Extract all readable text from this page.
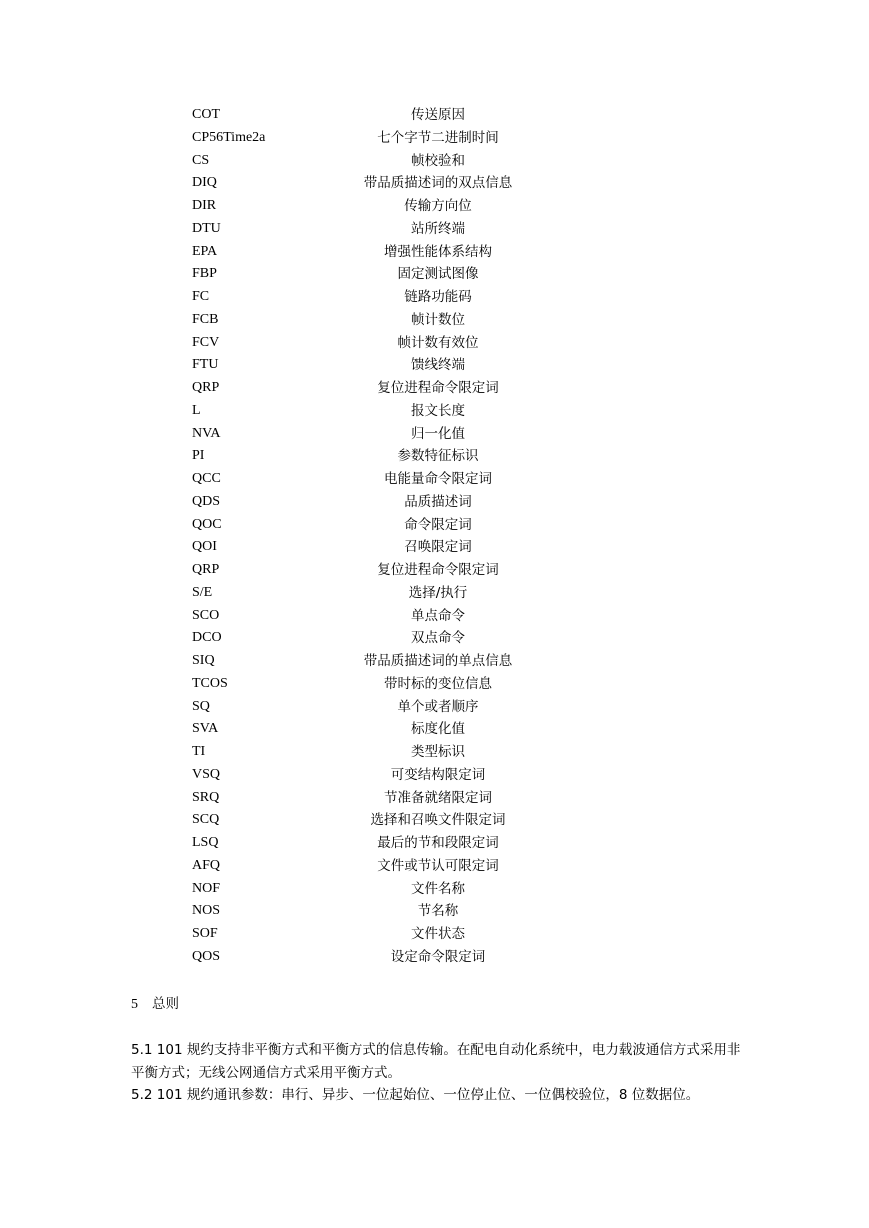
COT	传送原因
CP56Time2a	七个字节二进制时间
CS	帧校验和
DIQ	带品质描述词的双点信息
DIR	传输方向位
DTU	站所终端
EPA	增强性能体系结构
FBP	固定测试图像
FC	链路功能码
FCB	帧计数位
FCV	帧计数有效位
FTU	馈线终端
QRP	复位进程命令限定词
L	报文长度
NVA	归一化值
PI	参数特征标识
QCC	电能量命令限定词
QDS	品质描述词
QOC	命令限定词
QOI	召唤限定词
QRP	复位进程命令限定词
S/E	选择/执行
SCO	单点命令
DCO	双点命令
SIQ	带品质描述词的单点信息
TCOS	带时标的变位信息
SQ	单个或者顺序
SVA	标度化值
TI	类型标识
VSQ	可变结构限定词
SRQ	节准备就绪限定词
SCQ	选择和召唤文件限定词
LSQ	最后的节和段限定词
AFQ	文件或节认可限定词
NOF	文件名称
NOS	节名称
SOF	文件状态
QOS	设定命令限定词
5 总则
5.1 101 规约支持非平衡方式和平衡方式的信息传输。在配电自动化系统中，电力载波通信方式采用非平衡方式；无线公网通信方式采用平衡方式。
5.2 101 规约通讯参数：串行、异步、一位起始位、一位停止位、一位偶校验位，8 位数据位。
